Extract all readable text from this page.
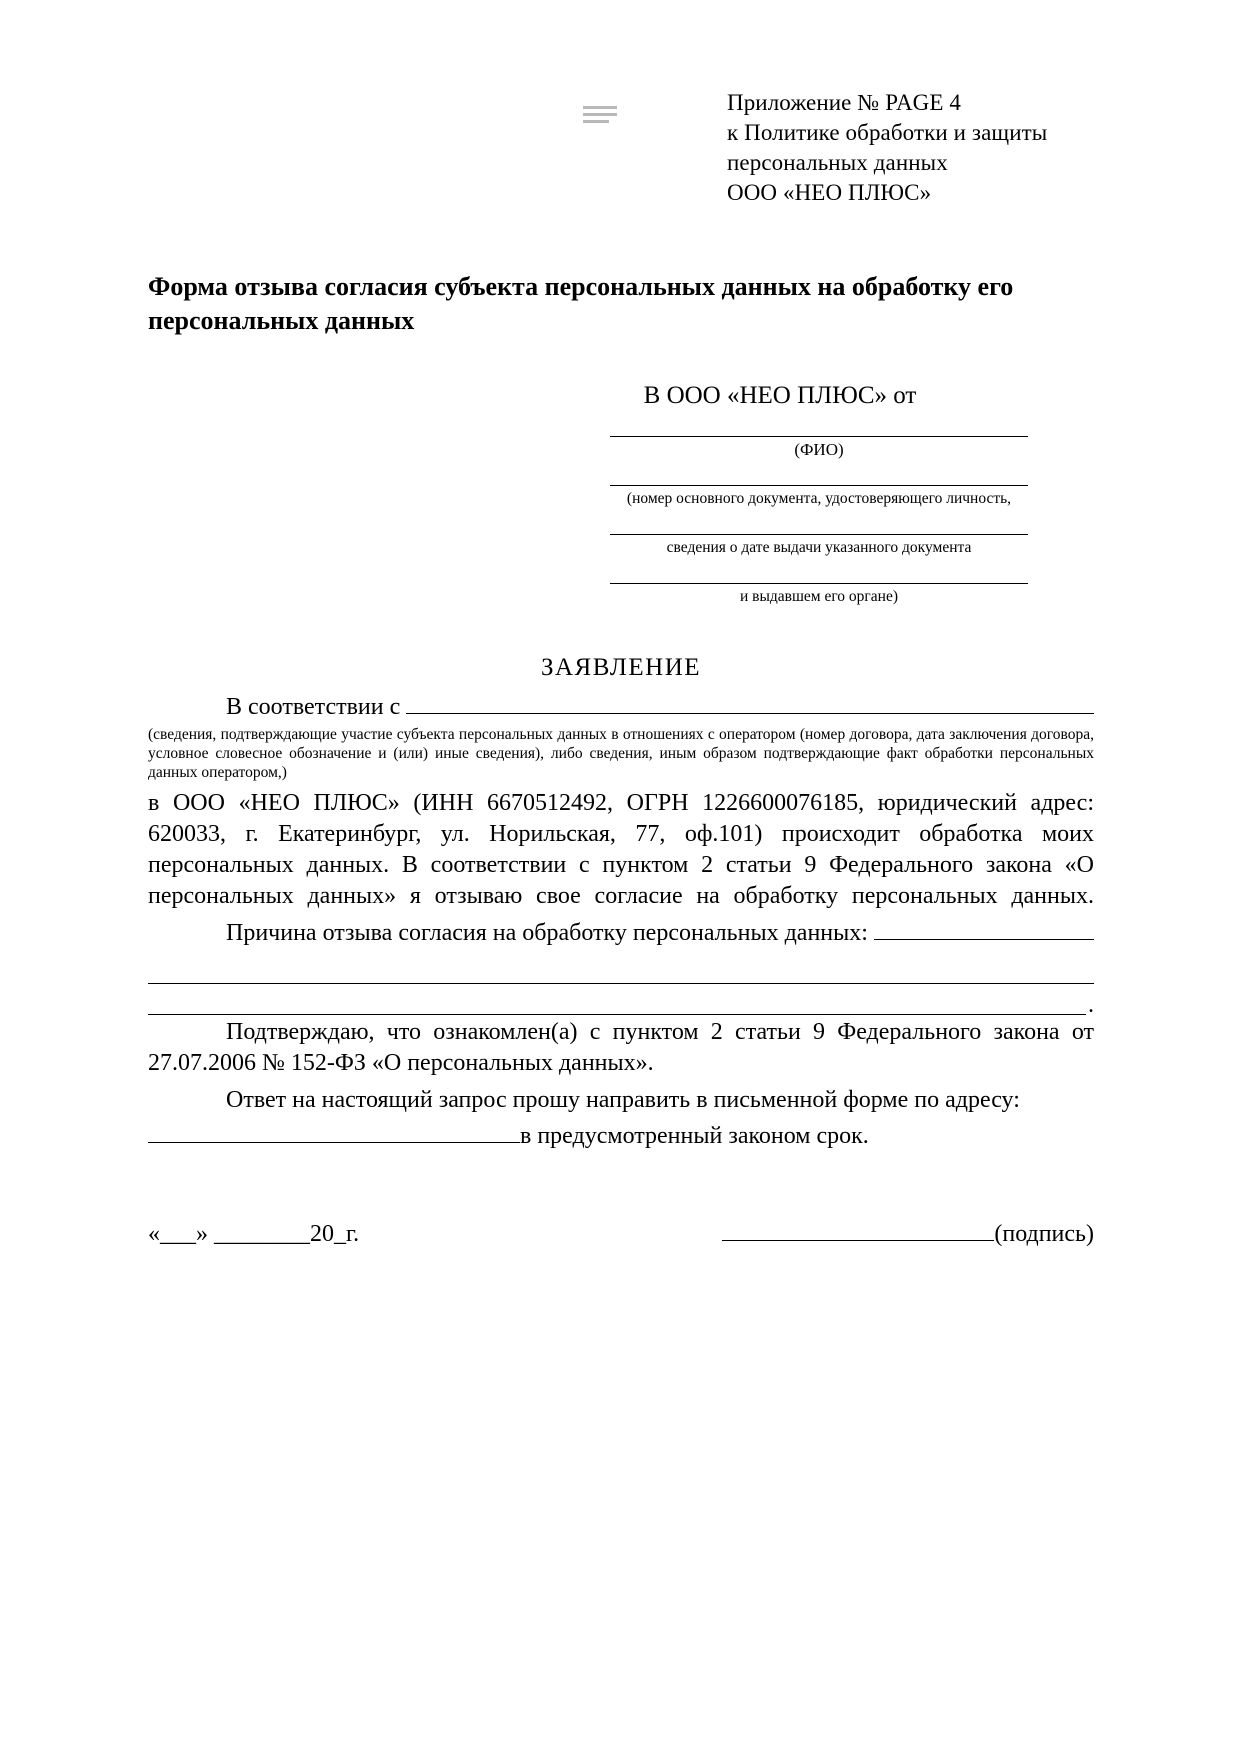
Приложение № PAGE 4
к Политике обработки и защиты
персональных данных
ООО «НЕО ПЛЮС»
Форма отзыва согласия субъекта персональных данных на обработку его персональных данных
В ООО «НЕО ПЛЮС» от
(ФИО)
(номер основного документа, удостоверяющего личность,
сведения о дате выдачи указанного документа
и выдавшем его органе)
ЗАЯВЛЕНИЕ
В соответствии с
(сведения, подтверждающие участие субъекта персональных данных в отношениях с оператором (номер договора, дата заключения договора, условное словесное обозначение и (или) иные сведения), либо сведения, иным образом подтверждающие факт обработки персональных данных оператором,)
в ООО «НЕО ПЛЮС» (ИНН 6670512492, ОГРН 1226600076185, юридический адрес: 620033, г. Екатеринбург, ул. Норильская, 77, оф.101) происходит обработка моих персональных данных. В соответствии с пунктом 2 статьи 9 Федерального закона «О персональных данных» я отзываю свое согласие на обработку персональных данных.
Причина отзыва согласия на обработку персональных данных:
.
Подтверждаю, что ознакомлен(а) с пунктом 2 статьи 9 Федерального закона от 27.07.2006 № 152-ФЗ «О персональных данных».
Ответ на настоящий запрос прошу направить в письменной форме по адресу:
в предусмотренный законом срок.
«___» ________20_г.	(подпись)
